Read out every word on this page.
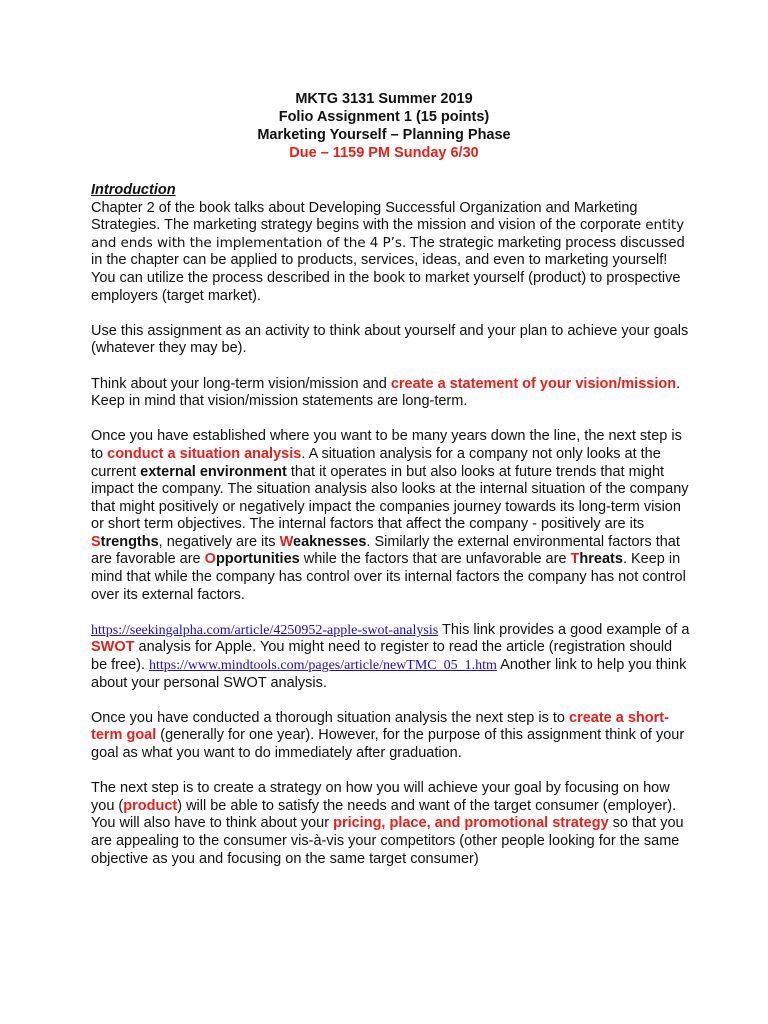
MKTG 3131 Summer 2019
Folio Assignment 1 (15 points)
Marketing Yourself – Planning Phase
Due – 1159 PM Sunday 6/30
Introduction

Chapter 2 of the book talks about Developing Successful Organization and Marketing Strategies. The marketing strategy begins with the mission and vision of the corporate entity and ends with the implementation of the 4 P’s. The strategic marketing process discussed in the chapter can be applied to products, services, ideas, and even to marketing yourself! You can utilize the process described in the book to market yourself (product) to prospective employers (target market).

Use this assignment as an activity to think about yourself and your plan to achieve your goals (whatever they may be).

Think about your long-term vision/mission and create a statement of your vision/mission. Keep in mind that vision/mission statements are long-term.

Once you have established where you want to be many years down the line, the next step is to conduct a situation analysis. A situation analysis for a company not only looks at the current external environment that it operates in but also looks at future trends that might impact the company. The situation analysis also looks at the internal situation of the company that might positively or negatively impact the companies journey towards its long-term vision or short term objectives. The internal factors that affect the company - positively are its Strengths, negatively are its Weaknesses. Similarly the external environmental factors that are favorable are Opportunities while the factors that are unfavorable are Threats. Keep in mind that while the company has control over its internal factors the company has not control over its external factors.

https://seekingalpha.com/article/4250952-apple-swot-analysis This link provides a good example of a SWOT analysis for Apple. You might need to register to read the article (registration should be free). https://www.mindtools.com/pages/article/newTMC_05_1.htm Another link to help you think about your personal SWOT analysis.

Once you have conducted a thorough situation analysis the next step is to create a short-term goal (generally for one year). However, for the purpose of this assignment think of your goal as what you want to do immediately after graduation.

The next step is to create a strategy on how you will achieve your goal by focusing on how you (product) will be able to satisfy the needs and want of the target consumer (employer). You will also have to think about your pricing, place, and promotional strategy so that you are appealing to the consumer vis-à-vis your competitors (other people looking for the same objective as you and focusing on the same target consumer)
